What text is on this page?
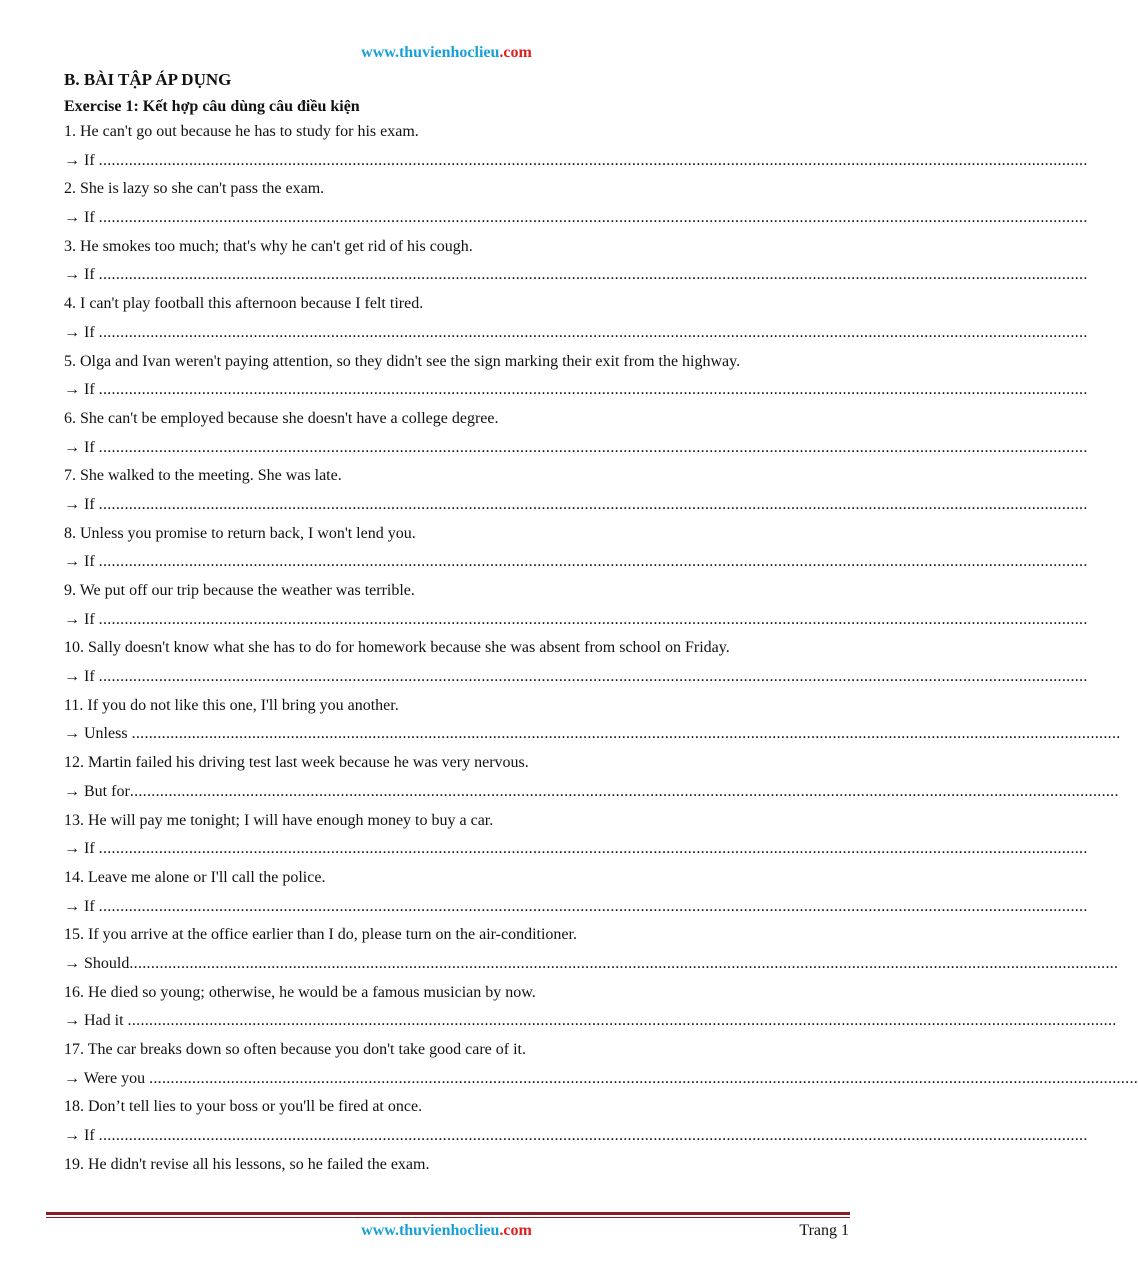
www.thuvienhoclieu.com
B. BÀI TẬP ÁP DỤNG
Exercise 1: Kết hợp câu dùng câu điều kiện
1. He can't go out because he has to study for his exam.
→ If ......................................................................................................................................................................................................................................
2. She is lazy so she can't pass the exam.
→ If ......................................................................................................................................................................................................................................
3. He smokes too much; that's why he can't get rid of his cough.
→ If ......................................................................................................................................................................................................................................
4. I can't play football this afternoon because I felt tired.
→ If ......................................................................................................................................................................................................................................
5. Olga and Ivan weren't paying attention, so they didn't see the sign marking their exit from the highway.
→ If ......................................................................................................................................................................................................................................
6. She can't be employed because she doesn't have a college degree.
→ If ......................................................................................................................................................................................................................................
7. She walked to the meeting. She was late.
→ If ......................................................................................................................................................................................................................................
8. Unless you promise to return back, I won't lend you.
→ If ......................................................................................................................................................................................................................................
9. We put off our trip because the weather was terrible.
→ If ......................................................................................................................................................................................................................................
10. Sally doesn't know what she has to do for homework because she was absent from school on Friday.
→ If ......................................................................................................................................................................................................................................
11. If you do not like this one, I'll bring you another.
→ Unless ......................................................................................................................................................................................................................................
12. Martin failed his driving test last week because he was very nervous.
→ But for ......................................................................................................................................................................................................................................
13. He will pay me tonight; I will have enough money to buy a car.
→ If ......................................................................................................................................................................................................................................
14. Leave me alone or I'll call the police.
→ If ......................................................................................................................................................................................................................................
15. If you arrive at the office earlier than I do, please turn on the air-conditioner.
→ Should ......................................................................................................................................................................................................................................
16. He died so young; otherwise, he would be a famous musician by now.
→ Had it ......................................................................................................................................................................................................................................
17. The car breaks down so often because you don't take good care of it.
→ Were you ......................................................................................................................................................................................................................................
18. Don’t tell lies to your boss or you'll be fired at once.
→ If ......................................................................................................................................................................................................................................
19. He didn't revise all his lessons, so he failed the exam.
www.thuvienhoclieu.com	Trang 1
